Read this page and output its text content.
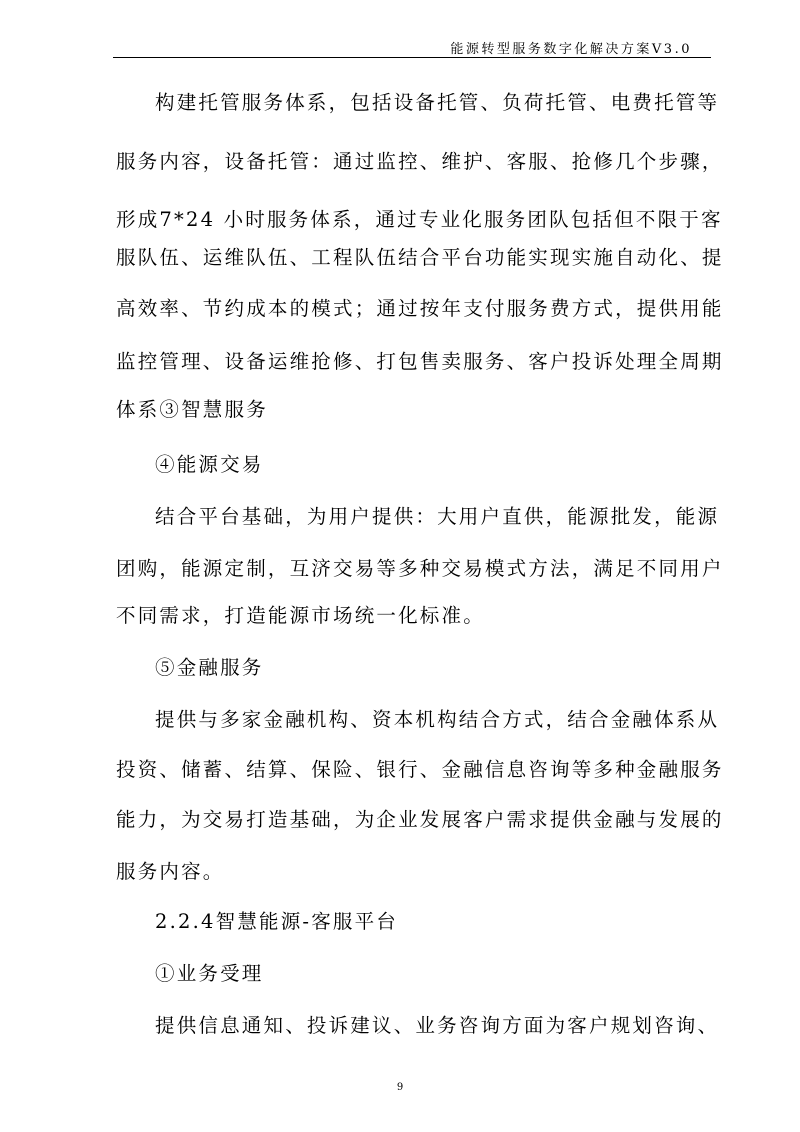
能源转型服务数字化解决方案V3.0
构建托管服务体系，包括设备托管、负荷托管、电费托管等
服务内容，设备托管：通过监控、维护、客服、抢修几个步骤，
形成7*24 小时服务体系，通过专业化服务团队包括但不限于客
服队伍、运维队伍、工程队伍结合平台功能实现实施自动化、提
高效率、节约成本的模式；通过按年支付服务费方式，提供用能
监控管理、设备运维抢修、打包售卖服务、客户投诉处理全周期
体系③智慧服务
④能源交易
结合平台基础，为用户提供：大用户直供，能源批发，能源
团购，能源定制，互济交易等多种交易模式方法，满足不同用户
不同需求，打造能源市场统一化标准。
⑤金融服务
提供与多家金融机构、资本机构结合方式，结合金融体系从
投资、储蓄、结算、保险、银行、金融信息咨询等多种金融服务
能力，为交易打造基础，为企业发展客户需求提供金融与发展的
服务内容。
2.2.4智慧能源-客服平台
①业务受理
提供信息通知、投诉建议、业务咨询方面为客户规划咨询、
9
